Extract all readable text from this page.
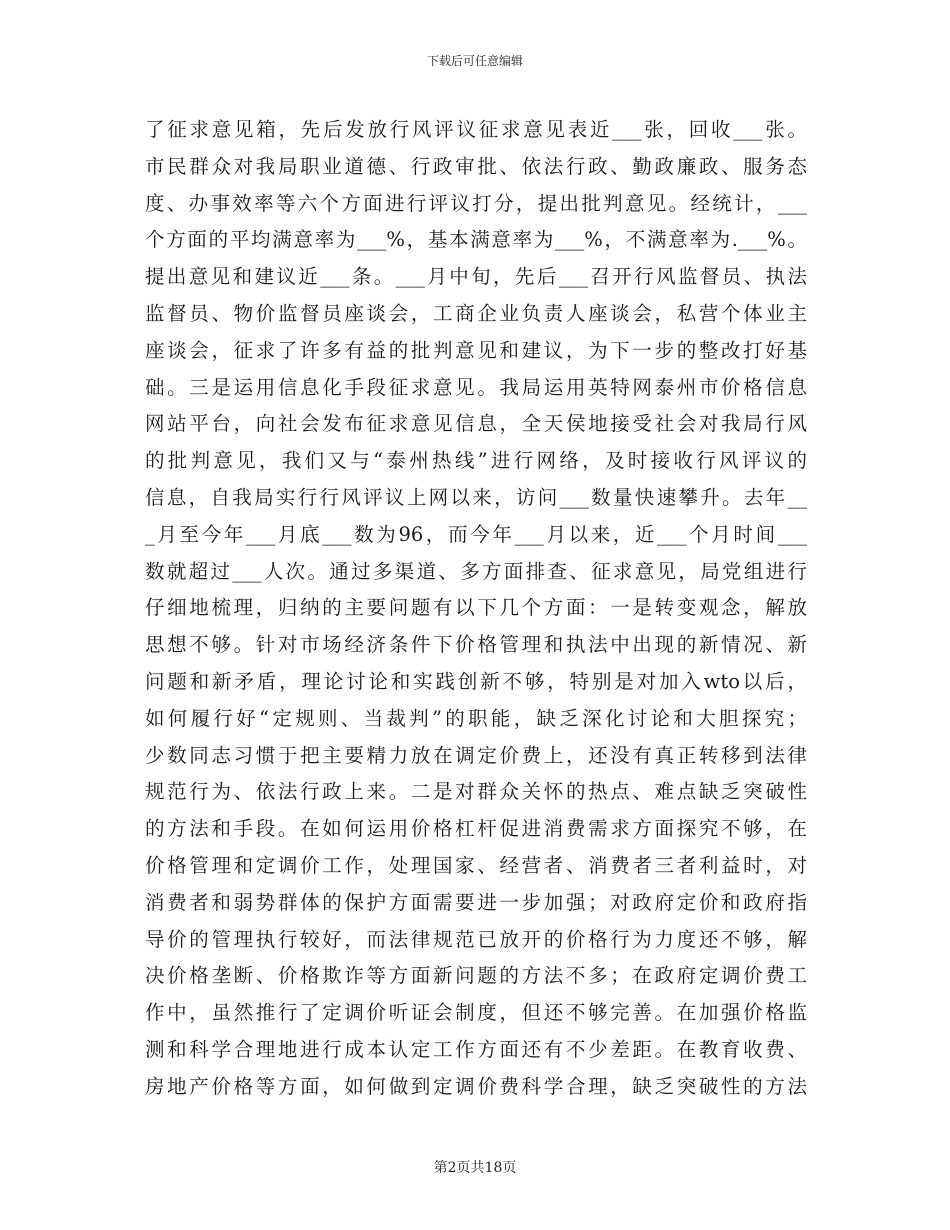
下载后可任意编辑
了征求意见箱，先后发放行风评议征求意见表近___张，回收___张。
市民群众对我局职业道德、行政审批、依法行政、勤政廉政、服务态
度、办事效率等六个方面进行评议打分，提出批判意见。经统计，___
个方面的平均满意率为___%，基本满意率为___%，不满意率为.___%。
提出意见和建议近___条。___月中旬，先后___召开行风监督员、执法
监督员、物价监督员座谈会，工商企业负责人座谈会，私营个体业主
座谈会，征求了许多有益的批判意见和建议，为下一步的整改打好基
础。三是运用信息化手段征求意见。我局运用英特网泰州市价格信息
网站平台，向社会发布征求意见信息，全天侯地接受社会对我局行风
的批判意见，我们又与“泰州热线”进行网络，及时接收行风评议的
信息，自我局实行行风评议上网以来，访问___数量快速攀升。去年__
_月至今年___月底___数为96，而今年___月以来，近___个月时间___
数就超过___人次。通过多渠道、多方面排查、征求意见，局党组进行
仔细地梳理，归纳的主要问题有以下几个方面：一是转变观念，解放
思想不够。针对市场经济条件下价格管理和执法中出现的新情况、新
问题和新矛盾，理论讨论和实践创新不够，特别是对加入wto以后，
如何履行好“定规则、当裁判”的职能，缺乏深化讨论和大胆探究；
少数同志习惯于把主要精力放在调定价费上，还没有真正转移到法律
规范行为、依法行政上来。二是对群众关怀的热点、难点缺乏突破性
的方法和手段。在如何运用价格杠杆促进消费需求方面探究不够，在
价格管理和定调价工作，处理国家、经营者、消费者三者利益时，对
消费者和弱势群体的保护方面需要进一步加强；对政府定价和政府指
导价的管理执行较好，而法律规范已放开的价格行为力度还不够，解
决价格垄断、价格欺诈等方面新问题的方法不多；在政府定调价费工
作中，虽然推行了定调价听证会制度，但还不够完善。在加强价格监
测和科学合理地进行成本认定工作方面还有不少差距。在教育收费、
房地产价格等方面，如何做到定调价费科学合理，缺乏突破性的方法
第2页共18页
